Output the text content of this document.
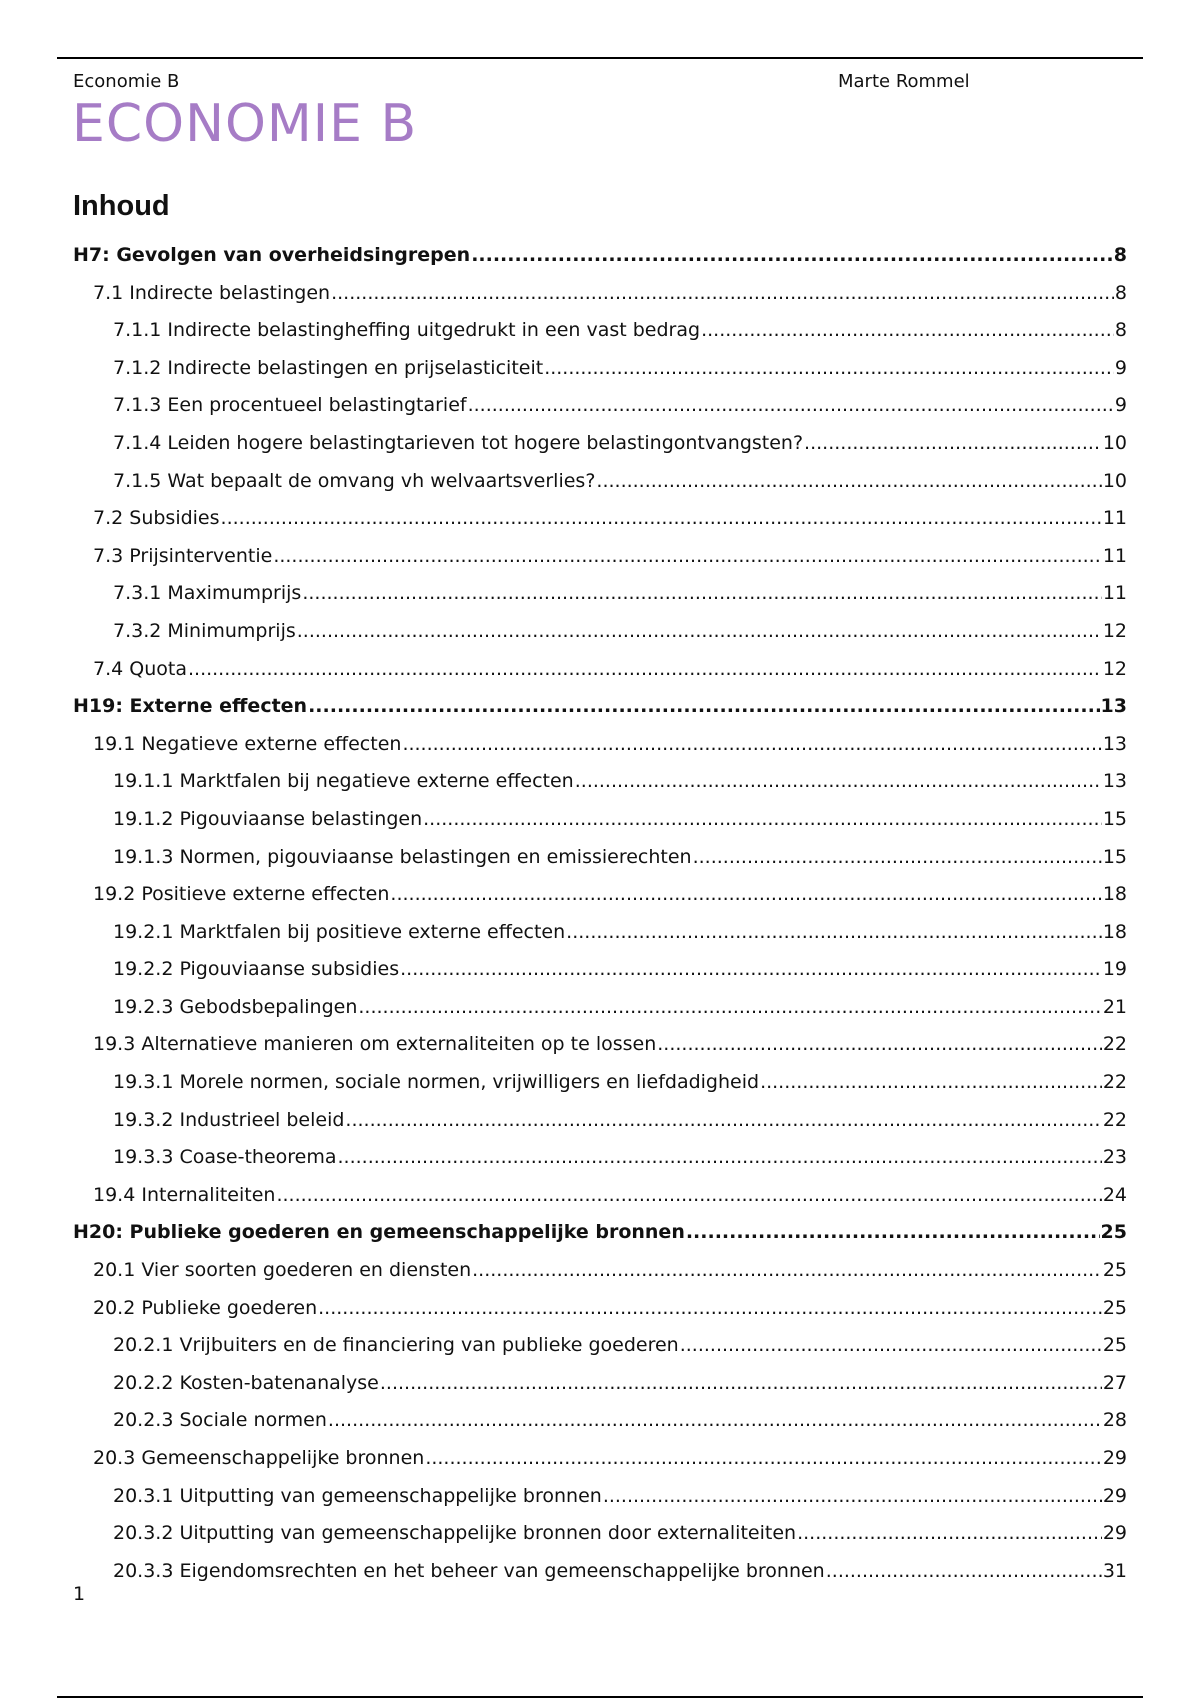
Economie B	Marte Rommel
ECONOMIE B
Inhoud
H7: Gevolgen van overheidsingrepen .....	8
7.1 Indirecte belastingen .....	8
7.1.1 Indirecte belastingheffing uitgedrukt in een vast bedrag .....	8
7.1.2 Indirecte belastingen en prijselasticiteit .....	9
7.1.3 Een procentueel belastingtarief .....	9
7.1.4 Leiden hogere belastingtarieven tot hogere belastingontvangsten? .....	10
7.1.5 Wat bepaalt de omvang vh welvaartsverlies? .....	10
7.2 Subsidies .....	11
7.3 Prijsinterventie .....	11
7.3.1 Maximumprijs .....	11
7.3.2 Minimumprijs .....	12
7.4 Quota .....	12
H19: Externe effecten .....	13
19.1 Negatieve externe effecten .....	13
19.1.1 Marktfalen bij negatieve externe effecten .....	13
19.1.2 Pigouviaanse belastingen .....	15
19.1.3 Normen, pigouviaanse belastingen en emissierechten .....	15
19.2 Positieve externe effecten .....	18
19.2.1 Marktfalen bij positieve externe effecten .....	18
19.2.2 Pigouviaanse subsidies .....	19
19.2.3 Gebodsbepalingen .....	21
19.3 Alternatieve manieren om externaliteiten op te lossen .....	22
19.3.1 Morele normen, sociale normen, vrijwilligers en liefdadigheid .....	22
19.3.2 Industrieel beleid .....	22
19.3.3 Coase-theorema .....	23
19.4 Internaliteiten .....	24
H20: Publieke goederen en gemeenschappelijke bronnen .....	25
20.1 Vier soorten goederen en diensten .....	25
20.2 Publieke goederen .....	25
20.2.1 Vrijbuiters en de financiering van publieke goederen .....	25
20.2.2 Kosten-batenanalyse .....	27
20.2.3 Sociale normen .....	28
20.3 Gemeenschappelijke bronnen .....	29
20.3.1 Uitputting van gemeenschappelijke bronnen .....	29
20.3.2 Uitputting van gemeenschappelijke bronnen door externaliteiten .....	29
20.3.3 Eigendomsrechten en het beheer van gemeenschappelijke bronnen .....	31
1
